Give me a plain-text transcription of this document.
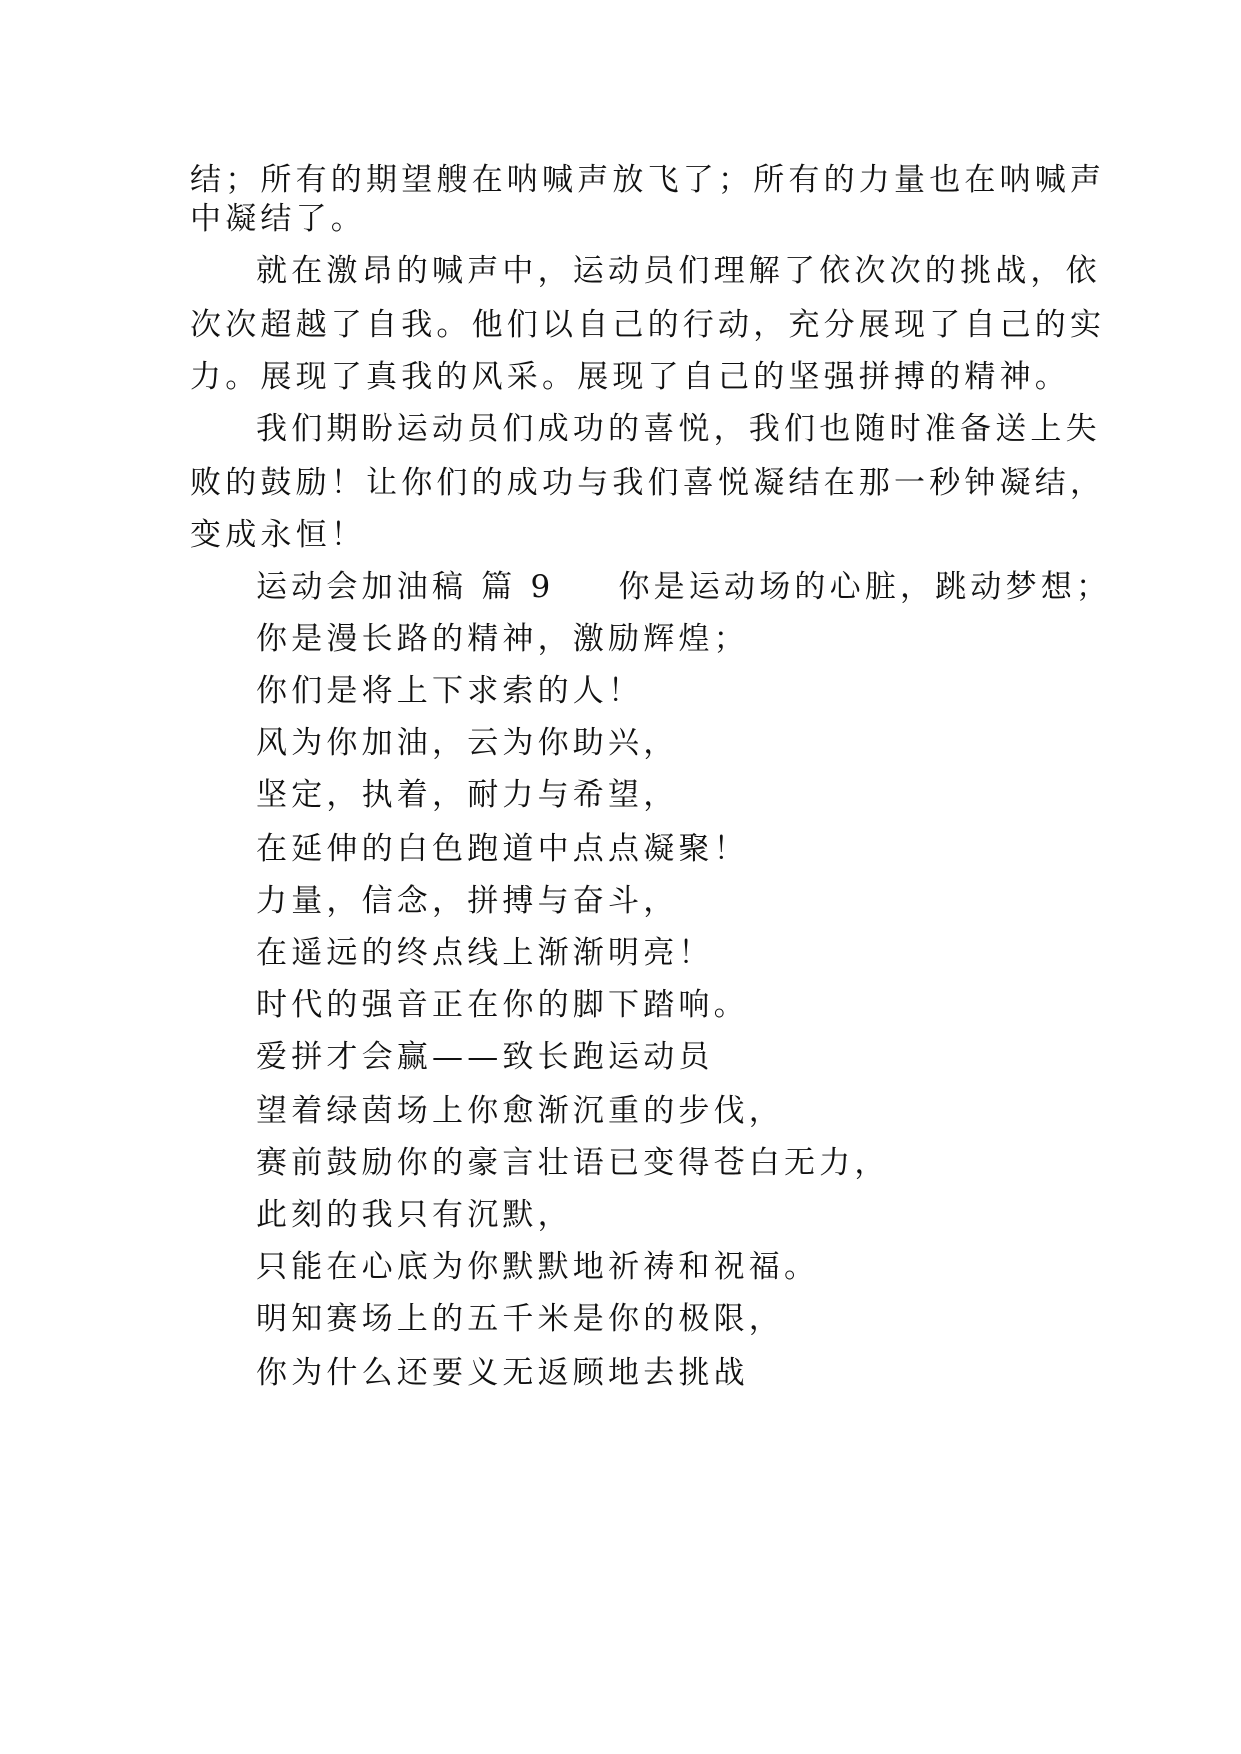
结；所有的期望艘在呐喊声放飞了；所有的力量也在呐喊声
中凝结了。
就在激昂的喊声中，运动员们理解了依次次的挑战，依
次次超越了自我。他们以自己的行动，充分展现了自己的实
力。展现了真我的风采。展现了自己的坚强拼搏的精神。
我们期盼运动员们成功的喜悦，我们也随时准备送上失
败的鼓励！让你们的成功与我们喜悦凝结在那一秒钟凝结，
变成永恒！
运动会加油稿 篇 9 你是运动场的心脏，跳动梦想；
你是漫长路的精神，激励辉煌；
你们是将上下求索的人！
风为你加油，云为你助兴，
坚定，执着，耐力与希望，
在延伸的白色跑道中点点凝聚！
力量，信念，拼搏与奋斗，
在遥远的终点线上渐渐明亮！
时代的强音正在你的脚下踏响。
爱拼才会赢——致长跑运动员
望着绿茵场上你愈渐沉重的步伐，
赛前鼓励你的豪言壮语已变得苍白无力，
此刻的我只有沉默，
只能在心底为你默默地祈祷和祝福。
明知赛场上的五千米是你的极限，
你为什么还要义无返顾地去挑战
